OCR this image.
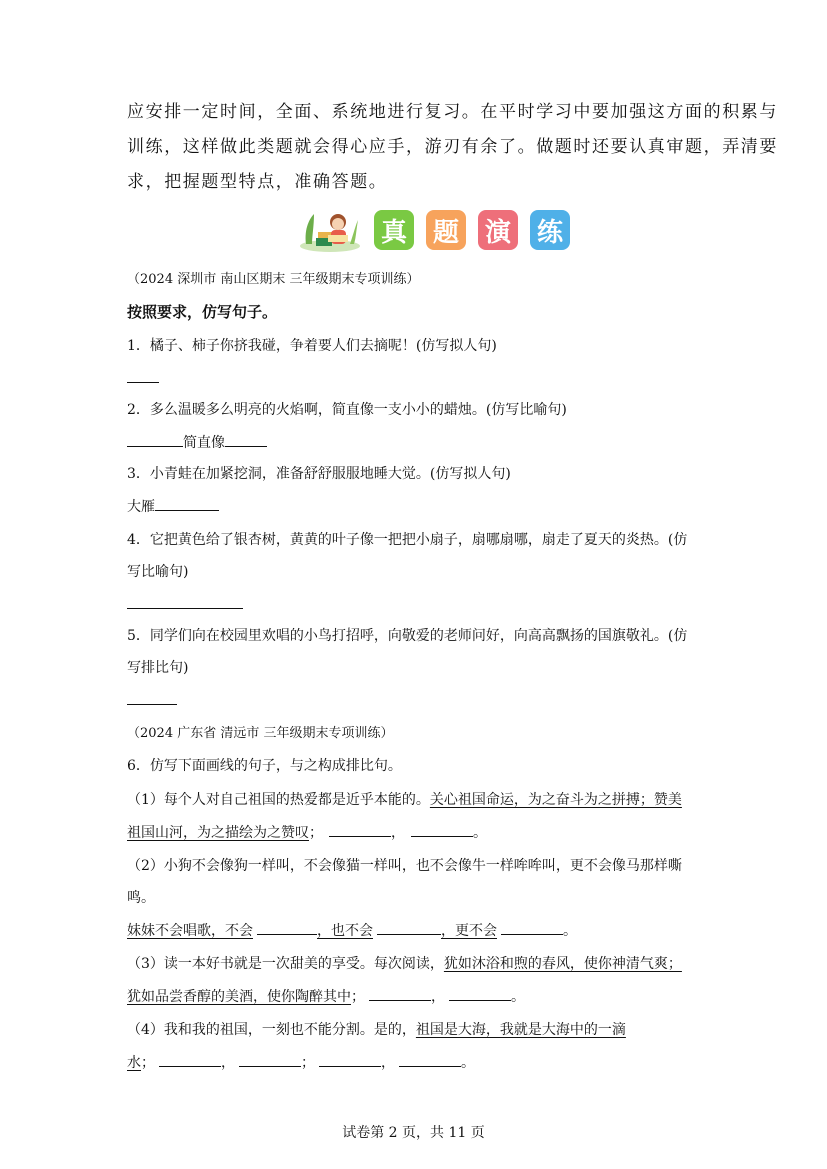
应安排一定时间，全面、系统地进行复习。在平时学习中要加强这方面的积累与
训练，这样做此类题就会得心应手，游刃有余了。做题时还要认真审题，弄清要
求，把握题型特点，准确答题。
真 题 演 练
（2024 深圳市 南山区期末 三年级期末专项训练）
按照要求，仿写句子。
1．橘子、柿子你挤我碰，争着要人们去摘呢！(仿写拟人句)
2．多么温暖多么明亮的火焰啊，简直像一支小小的蜡烛。(仿写比喻句)
简直像
3．小青蛙在加紧挖洞，准备舒舒服服地睡大觉。(仿写拟人句)
大雁
4．它把黄色给了银杏树，黄黄的叶子像一把把小扇子，扇哪扇哪，扇走了夏天的炎热。(仿
写比喻句)
5．同学们向在校园里欢唱的小鸟打招呼，向敬爱的老师问好，向高高飘扬的国旗敬礼。(仿
写排比句)
（2024 广东省 清远市 三年级期末专项训练）
6．仿写下面画线的句子，与之构成排比句。
（1）每个人对自己祖国的热爱都是近乎本能的。关心祖国命运，为之奋斗为之拼搏；赞美
祖国山河，为之描绘为之赞叹；	，	。
（2）小狗不会像狗一样叫，不会像猫一样叫，也不会像牛一样哞哞叫，更不会像马那样嘶
鸣。
妹妹不会唱歌，不会	，也不会	，更不会	。
（3）读一本好书就是一次甜美的享受。每次阅读，犹如沐浴和煦的春风，使你神清气爽；
犹如品尝香醇的美酒，使你陶醉其中；	，	。
（4）我和我的祖国，一刻也不能分割。是的，祖国是大海，我就是大海中的一滴
水；	，	；	，	。
试卷第 2 页，共 11 页
